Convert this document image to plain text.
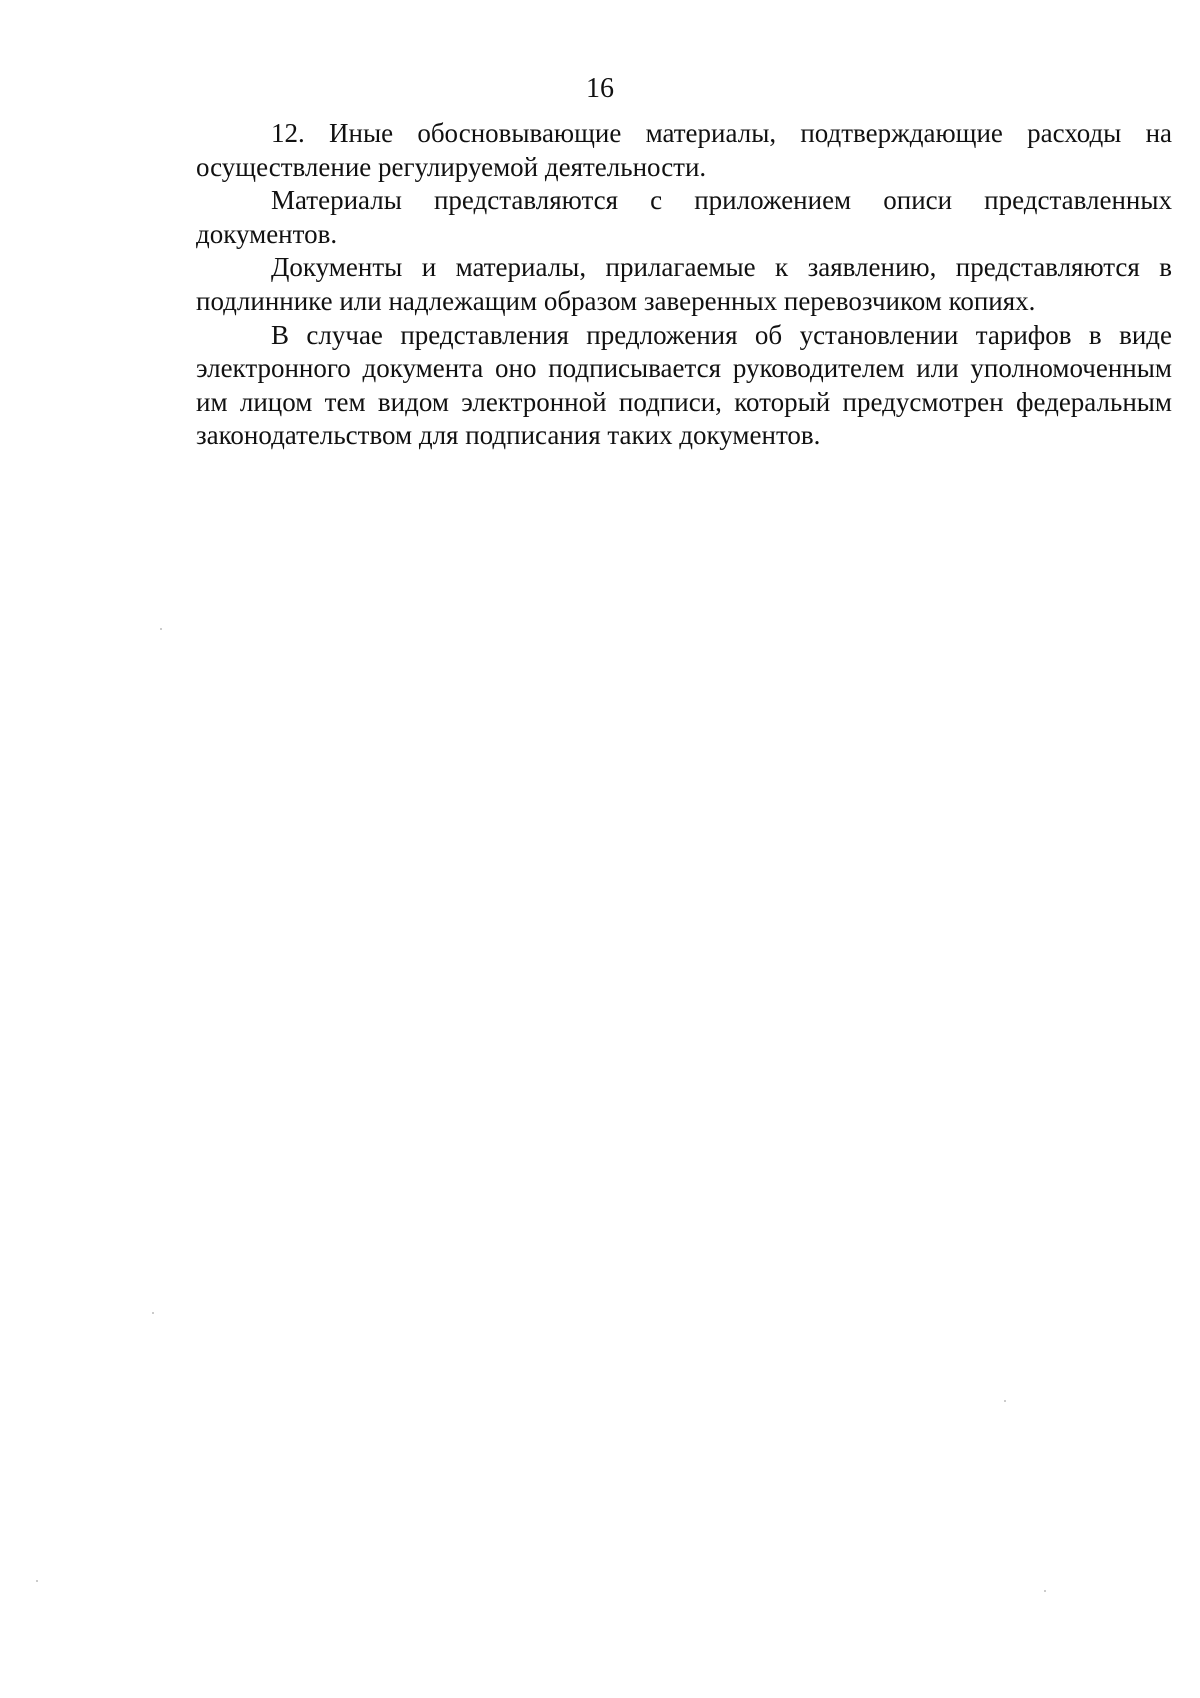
16

12. Иные обосновывающие материалы, подтверждающие расходы на осуществление регулируемой деятельности.

Материалы представляются с приложением описи представленных документов.

Документы и материалы, прилагаемые к заявлению, представляются в подлиннике или надлежащим образом заверенных перевозчиком копиях.

В случае представления предложения об установлении тарифов в виде электронного документа оно подписывается руководителем или уполномоченным им лицом тем видом электронной подписи, который предусмотрен федеральным законодательством для подписания таких документов.
